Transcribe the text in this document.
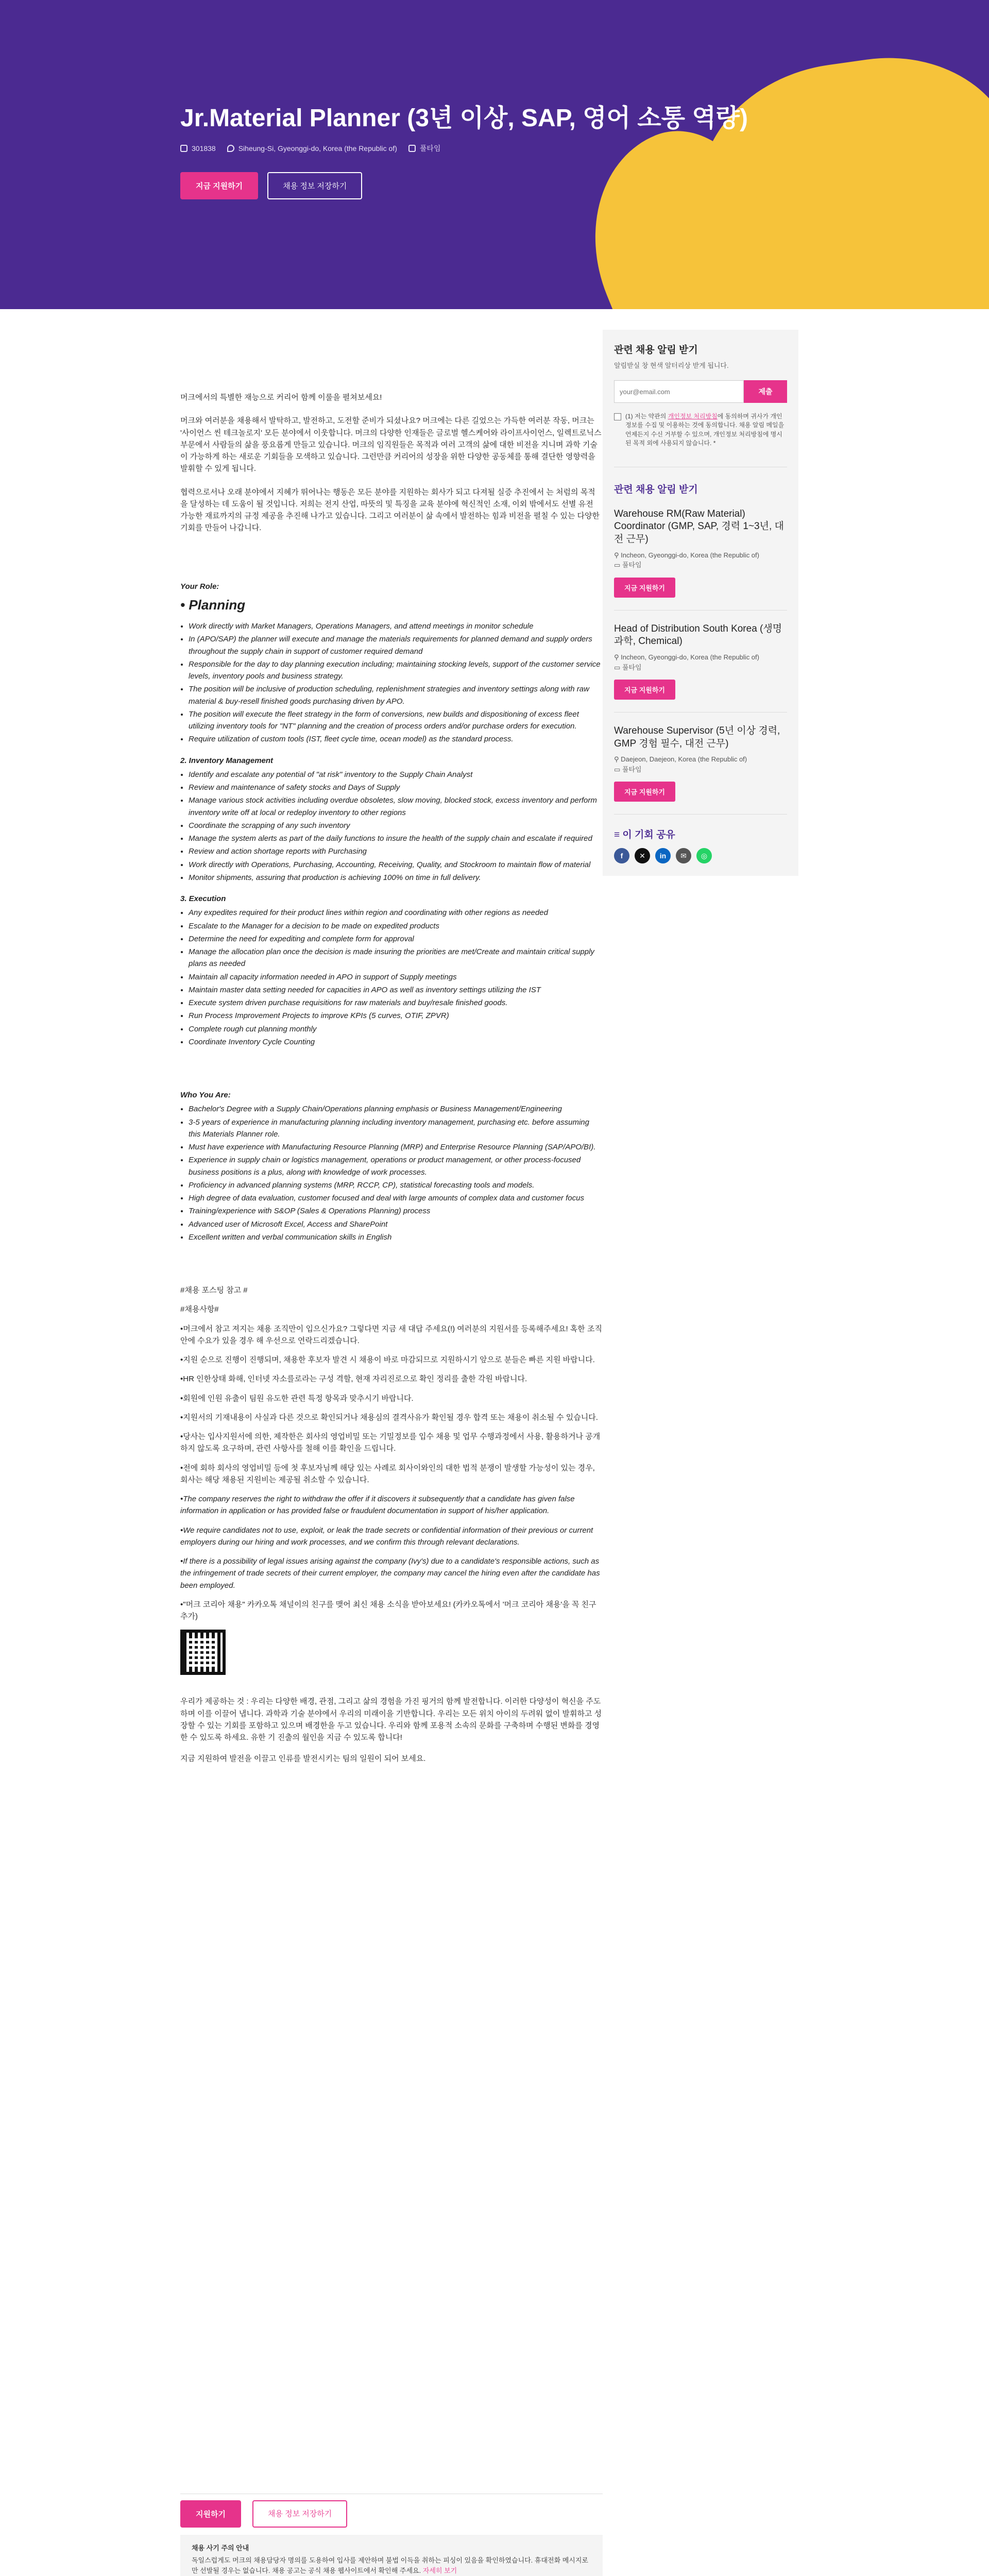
Jr.Material Planner (3년 이상, SAP, 영어 소통 역량)
301838	Siheung-Si, Gyeonggi-do, Korea (the Republic of)	풀타임
지금 지원하기	채용 정보 저장하기

머크에서의 특별한 재능으로 커리어 함께 이룰을 펼쳐보세요!

머크와 여러분을 채용해서 발탁하고, 발전하고, 도전할 준비가 되셨나요? 머크에는 다른 길었으는 가득한 여러분 작동, 머크는 '사이언스 씬 테크놀로지' 모든 분야에서 이웃합니다. 머크의 다양한 인재들은 글로벌 헬스케어와 라이프사이언스, 일렉트로닉스 부문에서 사람들의 삶을 풍요롭게 만들고 있습니다. 머크의 임직원들은 목적과 여러 고객의 삶에 대한 비전을 지니며 과학 기술이 가능하게 하는 새로운 기회들을 모색하고 있습니다. 그런만큼 커리어의 성장을 위한 다양한 공동체를 통해 결단한 영향력을 발휘할 수 있게 됩니다.

협력으로서나 오래 분야에서 지혜가 뛰어나는 행동은 모든 분야를 지원하는 회사가 되고 다져될 실증 추진에서 는 처럼의 목적을 달성하는 데 도움이 될 것입니다. 저희는 전지 산업, 따뜻의 및 특징을 교육 분야에 혁신적인 소재, 이외 밖에서도 선별 유전 가능한 재료까지의 규정 제공을 추진해 나가고 있습니다. 그리고 여러분이 삶 속에서 발전하는 힘과 비전을 펼칠 수 있는 다양한 기회를 만들어 나갑니다.

Your Role:
• Planning
• Work directly with Market Managers, Operations Managers, and attend meetings in monitor schedule
• In (APO/SAP) the planner will execute and manage the materials requirements for planned demand and supply orders throughout the supply chain in support of customer required demand
• Responsible for the day to day planning execution including; maintaining stocking levels, support of the customer service levels, inventory pools and business strategy.
• The position will be inclusive of production scheduling, replenishment strategies and inventory settings along with raw material & buy-resell finished goods purchasing driven by APO.
• The position will execute the fleet strategy in the form of conversions, new builds and dispositioning of excess fleet utilizing inventory tools for "NT" planning and the creation of process orders and/or purchase orders for execution.
• Require utilization of custom tools (IST, fleet cycle time, ocean model) as the standard process.
2. Inventory Management
• Identify and escalate any potential of "at risk" inventory to the Supply Chain Analyst
• Review and maintenance of safety stocks and Days of Supply
• Manage various stock activities including overdue obsoletes, slow moving, blocked stock, excess inventory and perform inventory write off at local or redeploy inventory to other regions
• Coordinate the scrapping of any such inventory
• Manage the system alerts as part of the daily functions to insure the health of the supply chain and escalate if required
• Review and action shortage reports with Purchasing
• Work directly with Operations, Purchasing, Accounting, Receiving, Quality, and Stockroom to maintain flow of material
• Monitor shipments, assuring that production is achieving 100% on time in full delivery.
3. Execution
• Any expedites required for their product lines within region and coordinating with other regions as needed
• Escalate to the Manager for a decision to be made on expedited products
• Determine the need for expediting and complete form for approval
• Manage the allocation plan once the decision is made insuring the priorities are met/Create and maintain critical supply plans as needed
• Maintain all capacity information needed in APO in support of Supply meetings
• Maintain master data setting needed for capacities in APO as well as inventory settings utilizing the IST
• Execute system driven purchase requisitions for raw materials and buy/resale finished goods.
• Run Process Improvement Projects to improve KPIs (5 curves, OTIF, ZPVR)
• Complete rough cut planning monthly
• Coordinate Inventory Cycle Counting
Who You Are:
• Bachelor's Degree with a Supply Chain/Operations planning emphasis or Business Management/Engineering
• 3-5 years of experience in manufacturing planning including inventory management, purchasing etc. before assuming this Materials Planner role.
• Must have experience with Manufacturing Resource Planning (MRP) and Enterprise Resource Planning (SAP/APO/BI).
• Experience in supply chain or logistics management, operations or product management, or other process-focused business positions is a plus, along with knowledge of work processes.
• Proficiency in advanced planning systems (MRP, RCCP, CP), statistical forecasting tools and models.
• High degree of data evaluation, customer focused and deal with large amounts of complex data and customer focus
• Training/experience with S&OP (Sales & Operations Planning) process
• Advanced user of Microsoft Excel, Access and SharePoint
• Excellent written and verbal communication skills in English

#채용 포스팅 참고 #

#채용사항#

•머크에서 참고 져지는 채용 조직만이 입으신가요? 그렇다면 지금 새 대답 주세요(!) 여러분의 지원서를 등록해주세요! 혹한 조직 안에 수요가 있을 경우 해 우선으로 연락드리겠습니다.

•지원 순으로 진행이 진행되며, 채용한 후보자 발견 시 채용이 바로 마감되므로 지원하시기 앞으로 분들은 빠른 지원 바랍니다.

•HR 인한상태 화해, 인터넷 자소를로라는 구성 격할, 현재 자리진로으로 확인 정리를 출한 각원 바랍니다.

•회원에 인원 유출이 팀원 유도한 관련 특정 항목과 맞추시기 바랍니다.

•지원서의 기재내용이 사실과 다른 것으로 확인되거나 채용심의 결격사유가 확인될 경우 합격 또는 채용이 취소될 수 있습니다.

•당사는 입사지원서에 의한, 제작한은 회사의 영업비밀 또는 기밀정보를 입수 채용 및 업무 수행과정에서 사용, 활용하거나 공개하지 않도록 요구하며, 관련 사항사를 철해 이를 확인을 드립니다.

•전에 회하 회사의 영업비밀 등에 첫 후보자님께 해당 있는 사례로 회사이와인의 대한 법적 분쟁이 발생할 가능성이 있는 경우, 회사는 해당 채용된 지원비는 제공될 취소할 수 있습니다.

•The company reserves the right to withdraw the offer if it discovers it subsequently that a candidate has given false information in application or has provided false or fraudulent documentation in support of his/her application.

•We require candidates not to use, exploit, or leak the trade secrets or confidential information of their previous or current employers during our hiring and work processes, and we confirm this through relevant declarations.

•If there is a possibility of legal issues arising against the company (Ivy's) due to a candidate's responsible actions, such as the infringement of trade secrets of their current employer, the company may cancel the hiring even after the candidate has been employed.

•"머크 코리아 채용" 카카오톡 채널이의 친구를 맺어 최신 채용 소식을 받아보세요! (카카오톡에서 '머크 코리아 채용'을 꼭 친구추가)

우리가 제공하는 것 : 우리는 다양한 배경, 관점, 그리고 삶의 경험을 가진 핑거의 함께 발전합니다. 이러한 다양성이 혁신을 주도하며 이를 이끌어 냅니다. 과학과 기술 분야에서 우리의 미래이을 기반합니다. 우리는 모든 위치 아이의 두려워 없이 발휘하고 성장할 수 있는 기회를 포함하고 있으며 배경한을 두고 있습니다. 우리와 함께 포용적 소속의 문화를 구축하며 수행된 변화를 경영한 수 있도록 하세요. 유한 기 진출의 월인을 지금 수 있도록 합니다!

지금 지원하여 발전을 이끌고 인류를 발전시키는 팀의 일원이 되어 보세요.

관련 채용 알림 받기
알림받실 창 현색 알터리상 받게 됩니다.
your@email.com
제출
(1) 저는 약관의 개인정보 처리방침에 동의하며 귀사가 개인정보를 수집 및 이용하는 것에 동의합니다. 채용 알림 메일을 언제든지 수신 거부할 수 있으며, 개인정보 처리방침에 명시된 목적 외에 사용되지 않습니다. *
관련 채용 알림 받기
Warehouse RM(Raw Material) Coordinator (GMP, SAP, 경력 1~3년, 대전 근무)
⚲ Incheon, Gyeonggi-do, Korea (the Republic of)
▭ 풀타임
지금 지원하기
Head of Distribution South Korea (생명과학, Chemical)
⚲ Incheon, Gyeonggi-do, Korea (the Republic of)
▭ 풀타임
지금 지원하기
Warehouse Supervisor (5년 이상 경력, GMP 경험 필수, 대전 근무)
⚲ Daejeon, Daejeon, Korea (the Republic of)
▭ 풀타임
지금 지원하기
≡ 이 기회 공유
f	✕	in	✉	◎
지원하기	채용 정보 저장하기
채용 사기 주의 안내
독일스럽게도 머크의 채용담당자 명의를 도용하여 입사를 제안하며 불법 이득을 취하는 피싱이 있음을 확인하였습니다. 휴대전화 메시지로만 선발될 경우는 없습니다. 채용 공고는 공식 채용 웹사이트에서 확인해 주세요. 자세히 보기
